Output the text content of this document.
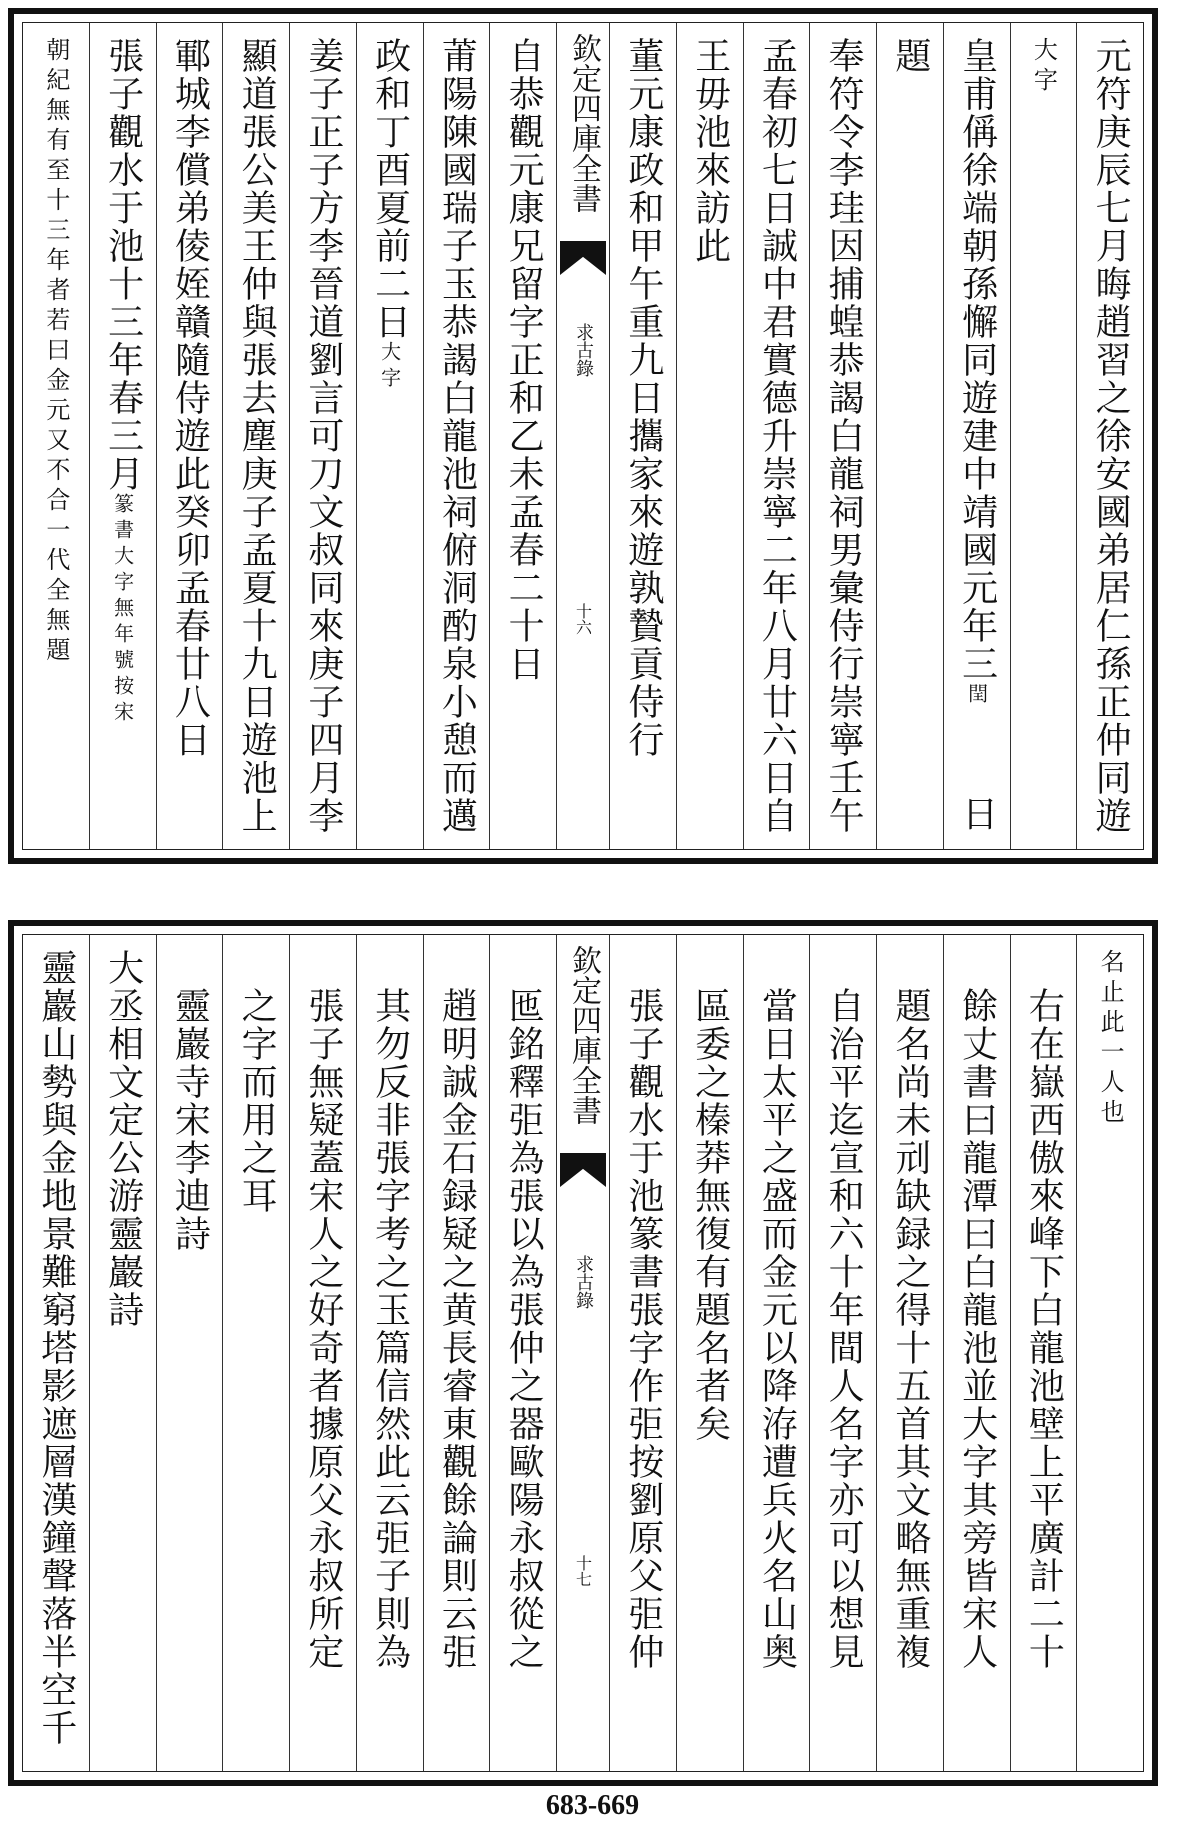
元符庚辰七月晦趙習之徐安國弟居仁孫正仲同遊
大字
皇甫偁徐端朝孫懈同遊建中靖國元年三閏
日
題
奉符令李珪因捕蝗恭謁白龍祠男彙侍行崇寧壬午
孟春初七日誠中君實德升崇寧二年八月廿六日自
王毋池來訪此
董元康政和甲午重九日攜家來遊孰贄貢侍行
欽定四庫全書
求古錄
十六
自恭觀元康兄留字正和乙未孟春二十日
莆陽陳國瑞子玉恭謁白龍池祠俯洞酌泉小憩而邁
政和丁酉夏前二日大字
姜子正子方李晉道劉言可刀文叔同來庚子四月李
顯道張公美王仲與張去塵庚子孟夏十九日遊池上
鄆城李償弟倰姪贛隨侍遊此癸卯孟春廿八日
張子觀水于池十三年春三月篆書大字無年號按宋
朝紀無有至十三年者若曰金元又不合一代全無題
名止此一人也
右在嶽西傲來峰下白龍池壁上平廣計二十
餘丈書曰龍潭曰白龍池並大字其旁皆宋人
題名尚未刓缺録之得十五首其文略無重複
自治平迄宣和六十年間人名字亦可以想見
當日太平之盛而金元以降洊遭兵火名山奥
區委之榛莽無復有題名者矣
張子觀水于池篆書張字作弡按劉原父弡仲
欽定四庫全書
求古錄
十七
匜銘釋弡為張以為張仲之器歐陽永叔從之
趙明誠金石録疑之黄長睿東觀餘論則云弡
其勿反非張字考之玉篇信然此云弡子則為
張子無疑蓋宋人之好奇者據原父永叔所定
之字而用之耳
靈巖寺宋李迪詩
大丞相文定公游靈巖詩
靈巖山勢與金地景難窮塔影遮層漢鐘聲落半空千
683-669
